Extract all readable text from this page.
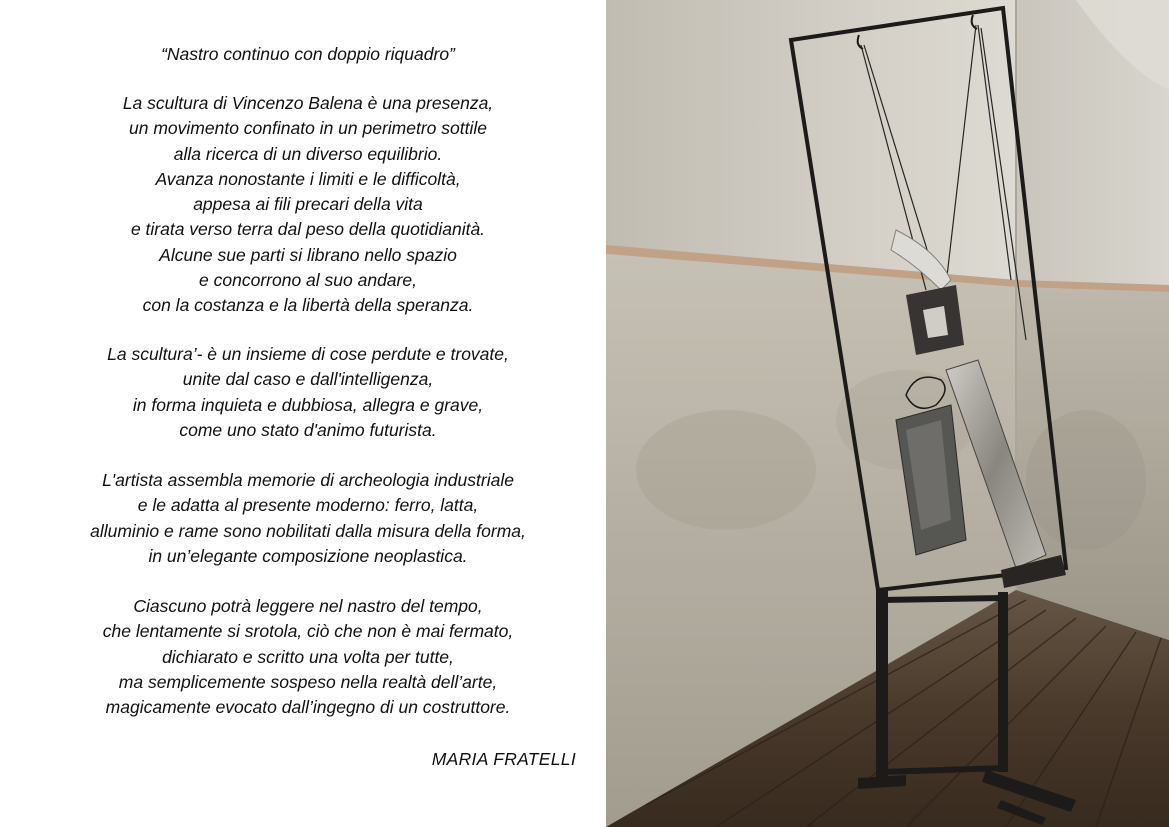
“Nastro continuo con doppio riquadro”

La scultura di Vincenzo Balena è una presenza,
un movimento confinato in un perimetro sottile
alla ricerca di un diverso equilibrio.
Avanza nonostante i limiti e le difficoltà,
appesa ai fili precari della vita
e tirata verso terra dal peso della quotidianità.
Alcune sue parti si librano nello spazio
e concorrono al suo andare,
con la costanza e la libertà della speranza.

La scultura’- è un insieme di cose perdute e trovate,
unite dal caso e dall'intelligenza,
in forma inquieta e dubbiosa, allegra e grave,
come uno stato d'animo futurista.

L'artista assembla memorie di archeologia industriale
e le adatta al presente moderno: ferro, latta,
alluminio e rame sono nobilitati dalla misura della forma,
in un’elegante composizione neoplastica.

Ciascuno potrà leggere nel nastro del tempo,
che lentamente si srotola, ciò che non è mai fermato,
dichiarato e scritto una volta per tutte,
ma semplicemente sospeso nella realtà dell’arte,
magicamente evocato dall’ingegno di un costruttore.

MARIA FRATELLI
